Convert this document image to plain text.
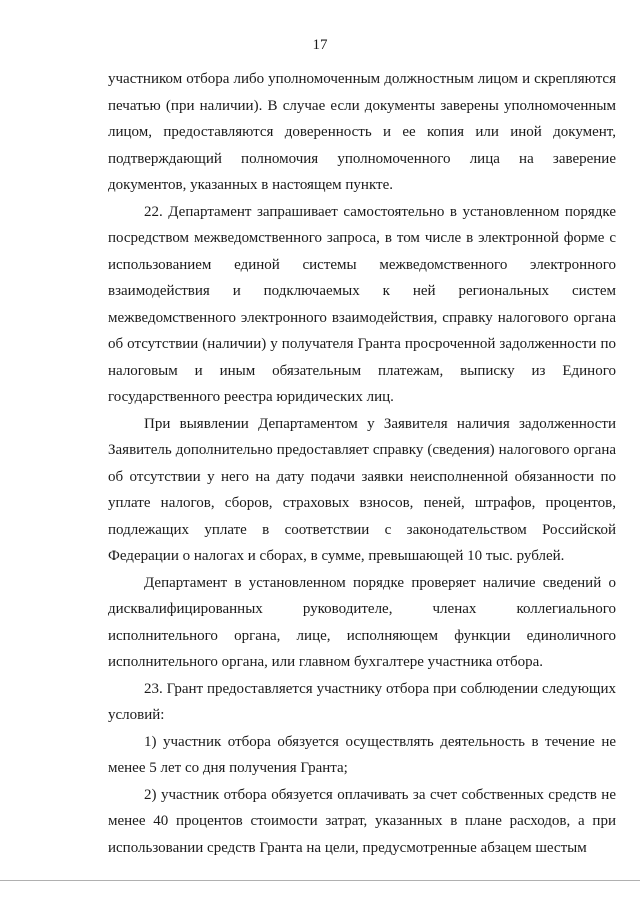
17

участником отбора либо уполномоченным должностным лицом и скрепляются печатью (при наличии). В случае если документы заверены уполномоченным лицом, предоставляются доверенность и ее копия или иной документ, подтверждающий полномочия уполномоченного лица на заверение документов, указанных в настоящем пункте.

22. Департамент запрашивает самостоятельно в установленном порядке посредством межведомственного запроса, в том числе в электронной форме с использованием единой системы межведомственного электронного взаимодействия и подключаемых к ней региональных систем межведомственного электронного взаимодействия, справку налогового органа об отсутствии (наличии) у получателя Гранта просроченной задолженности по налоговым и иным обязательным платежам, выписку из Единого государственного реестра юридических лиц.

При выявлении Департаментом у Заявителя наличия задолженности Заявитель дополнительно предоставляет справку (сведения) налогового органа об отсутствии у него на дату подачи заявки неисполненной обязанности по уплате налогов, сборов, страховых взносов, пеней, штрафов, процентов, подлежащих уплате в соответствии с законодательством Российской Федерации о налогах и сборах, в сумме, превышающей 10 тыс. рублей.

Департамент в установленном порядке проверяет наличие сведений о дисквалифицированных руководителе, членах коллегиального исполнительного органа, лице, исполняющем функции единоличного исполнительного органа, или главном бухгалтере участника отбора.

23. Грант предоставляется участнику отбора при соблюдении следующих условий:

1) участник отбора обязуется осуществлять деятельность в течение не менее 5 лет со дня получения Гранта;

2) участник отбора обязуется оплачивать за счет собственных средств не менее 40 процентов стоимости затрат, указанных в плане расходов, а при использовании средств Гранта на цели, предусмотренные абзацем шестым
